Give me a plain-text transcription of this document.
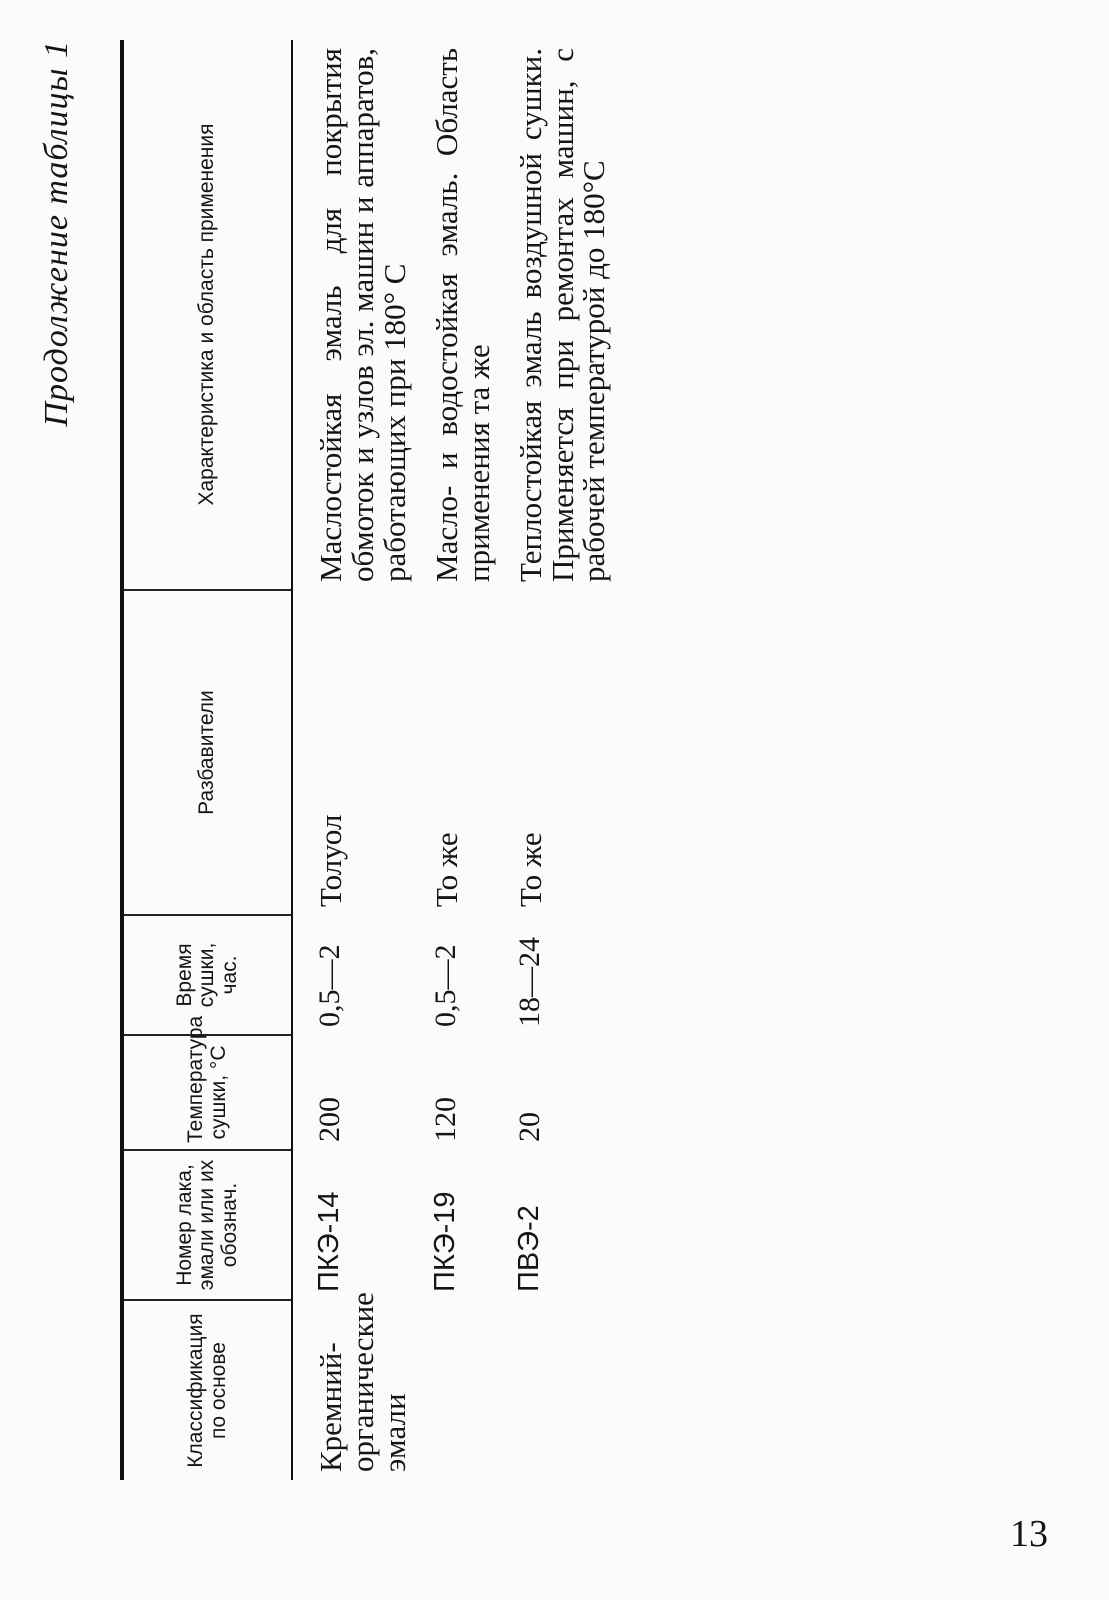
Продолжение таблицы 1
Классификация по основе	Номер лака, эмали или их обознач.	Температура сушки, °С	Время сушки, час.	Разбавители	Характеристика и область применения
Кремний-органические эмали	ПКЭ-14	200	0,5—2	Толуол	Маслостойкая эмаль для покрытия обмоток и узлов эл. машин и аппаратов, работающих при 180° С
	ПКЭ-19	120	0,5—2	То же	Масло- и водостойкая эмаль. Область применения та же
	ПВЭ-2	20	18—24	То же	Теплостойкая эмаль воздушной сушки. Применяется при ремонтах машин, с рабочей температурой до 180°С
13
